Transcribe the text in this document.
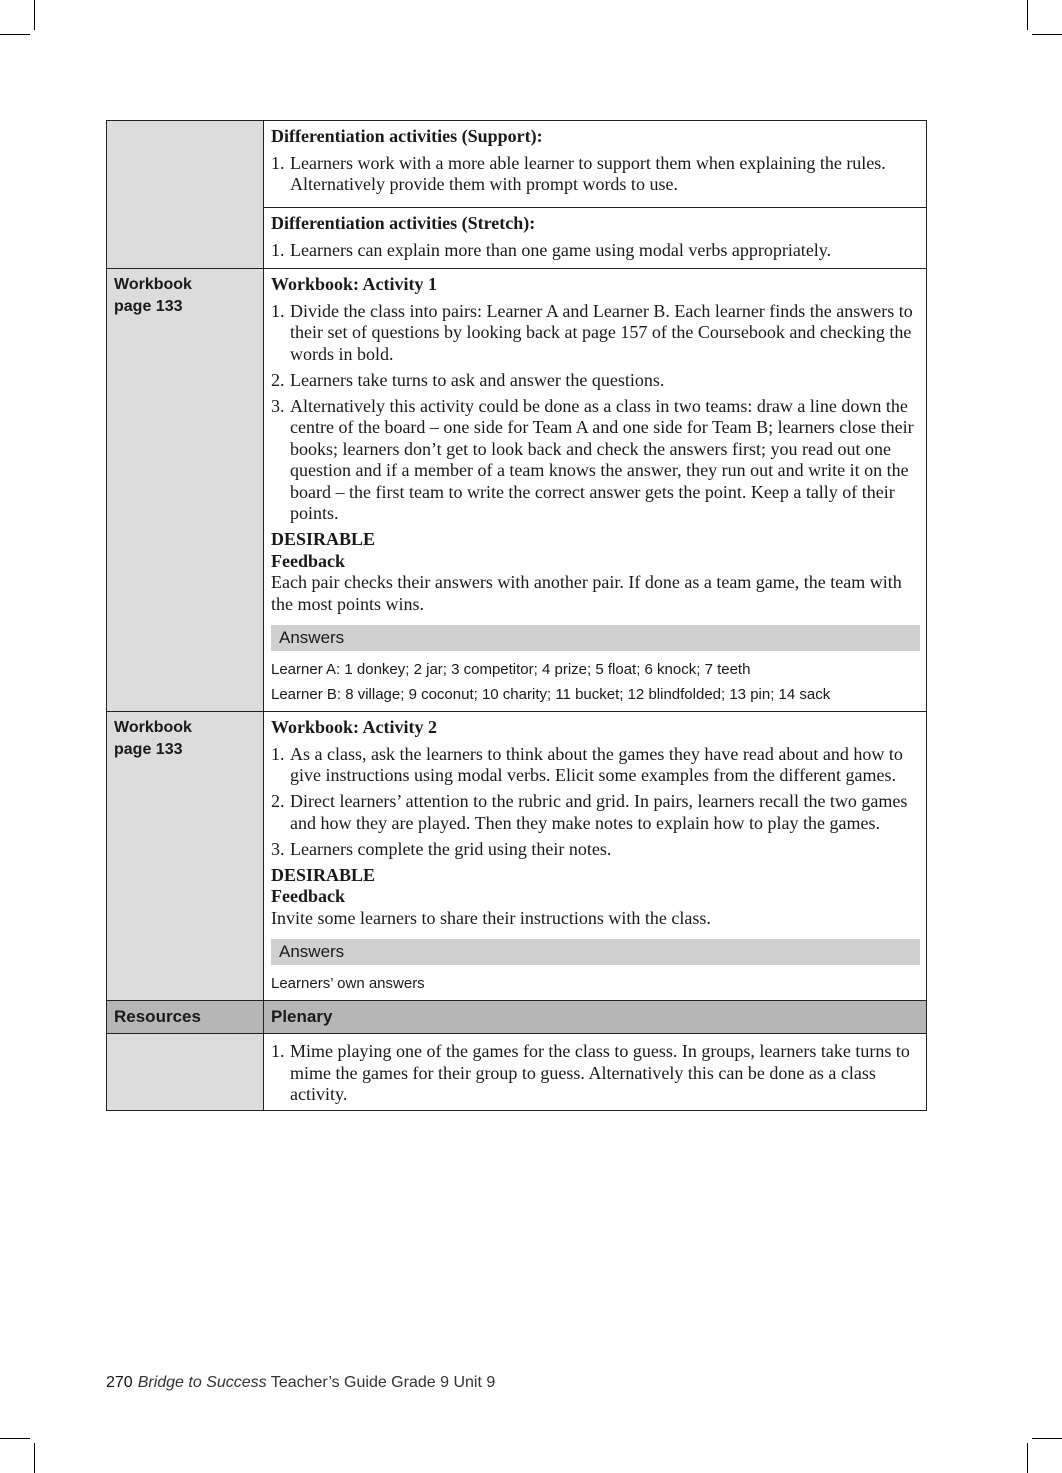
Differentiation activities (Support):
1. Learners work with a more able learner to support them when explaining the rules. Alternatively provide them with prompt words to use.
Differentiation activities (Stretch):
1. Learners can explain more than one game using modal verbs appropriately.
Workbook
page 133
Workbook: Activity 1
1. Divide the class into pairs: Learner A and Learner B. Each learner finds the answers to their set of questions by looking back at page 157 of the Coursebook and checking the words in bold.
2. Learners take turns to ask and answer the questions.
3. Alternatively this activity could be done as a class in two teams: draw a line down the centre of the board – one side for Team A and one side for Team B; learners close their books; learners don’t get to look back and check the answers first; you read out one question and if a member of a team knows the answer, they run out and write it on the board – the first team to write the correct answer gets the point. Keep a tally of their points.
DESIRABLE
Feedback
Each pair checks their answers with another pair. If done as a team game, the team with the most points wins.
Answers
Learner A: 1 donkey; 2 jar; 3 competitor; 4 prize; 5 float; 6 knock; 7 teeth
Learner B: 8 village; 9 coconut; 10 charity; 11 bucket; 12 blindfolded; 13 pin; 14 sack
Workbook
page 133
Workbook: Activity 2
1. As a class, ask the learners to think about the games they have read about and how to give instructions using modal verbs. Elicit some examples from the different games.
2. Direct learners’ attention to the rubric and grid. In pairs, learners recall the two games and how they are played. Then they make notes to explain how to play the games.
3. Learners complete the grid using their notes.
DESIRABLE
Feedback
Invite some learners to share their instructions with the class.
Answers
Learners’ own answers
Resources	Plenary
1. Mime playing one of the games for the class to guess. In groups, learners take turns to mime the games for their group to guess. Alternatively this can be done as a class activity.
270 Bridge to Success Teacher’s Guide Grade 9 Unit 9
